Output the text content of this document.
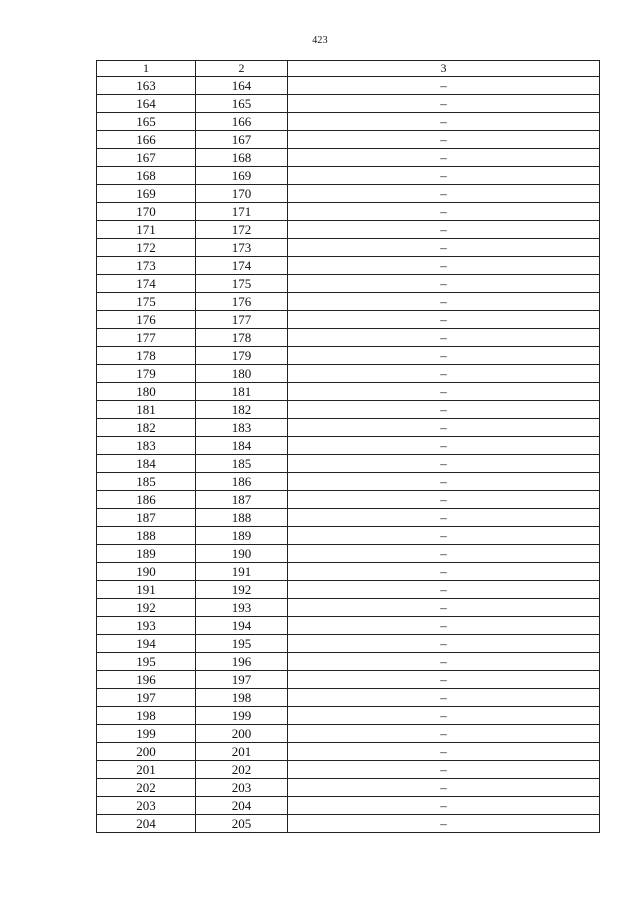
423
1	2	3
163	164	–
164	165	–
165	166	–
166	167	–
167	168	–
168	169	–
169	170	–
170	171	–
171	172	–
172	173	–
173	174	–
174	175	–
175	176	–
176	177	–
177	178	–
178	179	–
179	180	–
180	181	–
181	182	–
182	183	–
183	184	–
184	185	–
185	186	–
186	187	–
187	188	–
188	189	–
189	190	–
190	191	–
191	192	–
192	193	–
193	194	–
194	195	–
195	196	–
196	197	–
197	198	–
198	199	–
199	200	–
200	201	–
201	202	–
202	203	–
203	204	–
204	205	–
